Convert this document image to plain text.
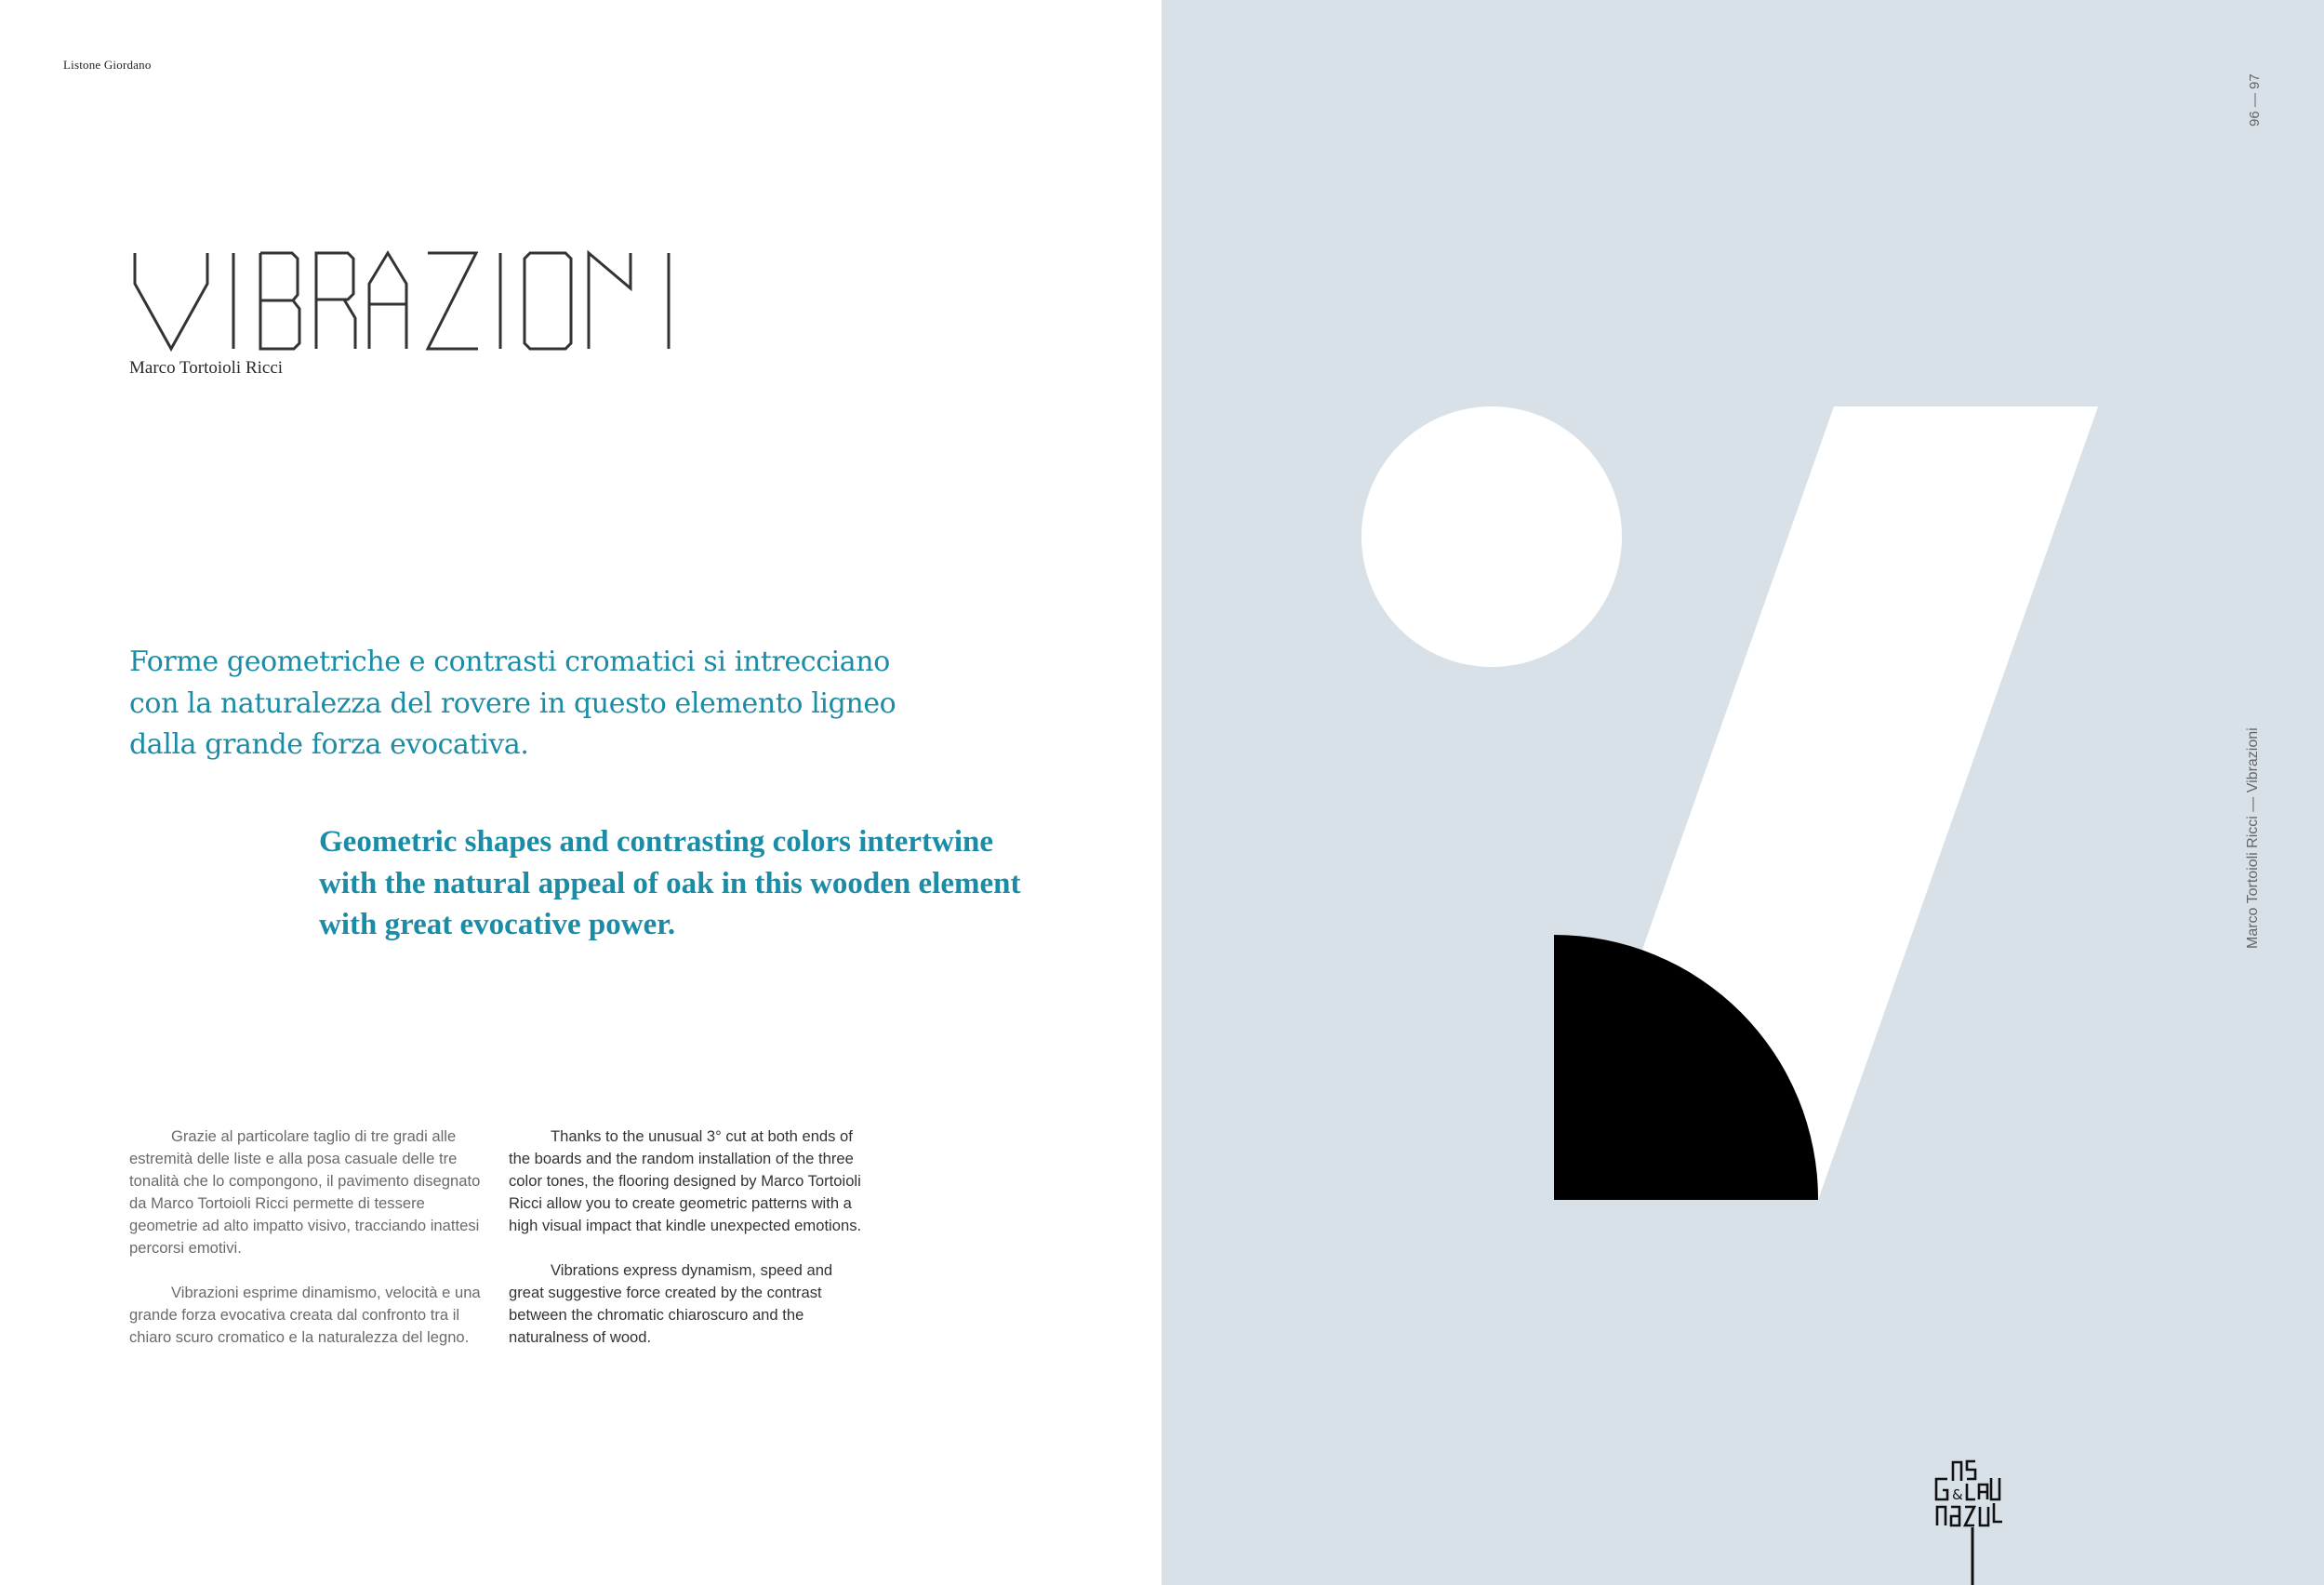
Listone Giordano
Marco Tortoioli Ricci
Forme geometriche e contrasti cromatici si intrecciano con la naturalezza del rovere in questo elemento ligneo dalla grande forza evocativa.
Geometric shapes and contrasting colors intertwine with the natural appeal of oak in this wooden element with great evocative power.

Grazie al particolare taglio di tre gradi alle estremità delle liste e alla posa casuale delle tre tonalità che lo compongono, il pavimento disegnato da Marco Tortoioli Ricci permette di tessere geometrie ad alto impatto visivo, tracciando inattesi percorsi emotivi.

Vibrazioni esprime dinamismo, velocità e una grande forza evocativa creata dal confronto tra il chiaro scuro cromatico e la naturalezza del legno.

Thanks to the unusual 3° cut at both ends of the boards and the random installation of the three color tones, the flooring designed by Marco Tortoioli Ricci allow you to create geometric patterns with a high visual impact that kindle unexpected emotions.

Vibrations express dynamism, speed and great suggestive force created by the contrast between the chromatic chiaroscuro and the naturalness of wood.

&
96 — 97
Marco Tortoioli Ricci — Vibrazioni
